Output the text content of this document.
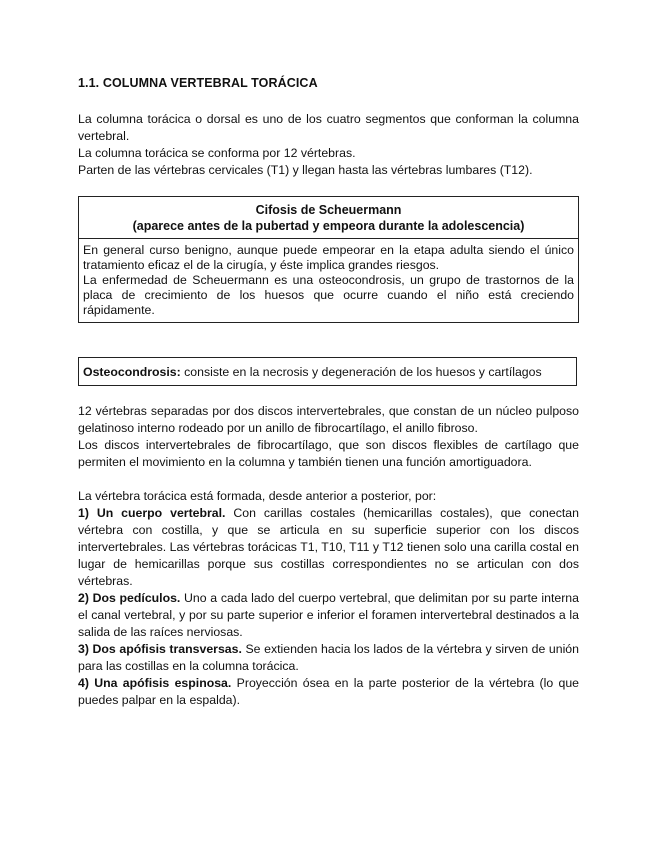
1.1. COLUMNA VERTEBRAL TORÁCICA
La columna torácica o dorsal es uno de los cuatro segmentos que conforman la columna vertebral.
La columna torácica se conforma por 12 vértebras.
Parten de las vértebras cervicales (T1) y llegan hasta las vértebras lumbares (T12).
Cifosis de Scheuermann
(aparece antes de la pubertad y empeora durante la adolescencia)

En general curso benigno, aunque puede empeorar en la etapa adulta siendo el único tratamiento eficaz el de la cirugía, y éste implica grandes riesgos.

La enfermedad de Scheuermann es una osteocondrosis, un grupo de trastornos de la placa de crecimiento de los huesos que ocurre cuando el niño está creciendo rápidamente.

Osteocondrosis: consiste en la necrosis y degeneración de los huesos y cartílagos
12 vértebras separadas por dos discos intervertebrales, que constan de un núcleo pulposo gelatinoso interno rodeado por un anillo de fibrocartílago, el anillo fibroso.
Los discos intervertebrales de fibrocartílago, que son discos flexibles de cartílago que permiten el movimiento en la columna y también tienen una función amortiguadora.
La vértebra torácica está formada, desde anterior a posterior, por:
1) Un cuerpo vertebral. Con carillas costales (hemicarillas costales), que conectan vértebra con costilla, y que se articula en su superficie superior con los discos intervertebrales. Las vértebras torácicas T1, T10, T11 y T12 tienen solo una carilla costal en lugar de hemicarillas porque sus costillas correspondientes no se articulan con dos vértebras.
2) Dos pedículos. Uno a cada lado del cuerpo vertebral, que delimitan por su parte interna el canal vertebral, y por su parte superior e inferior el foramen intervertebral destinados a la salida de las raíces nerviosas.
3) Dos apófisis transversas. Se extienden hacia los lados de la vértebra y sirven de unión para las costillas en la columna torácica.
4) Una apófisis espinosa. Proyección ósea en la parte posterior de la vértebra (lo que puedes palpar en la espalda).
